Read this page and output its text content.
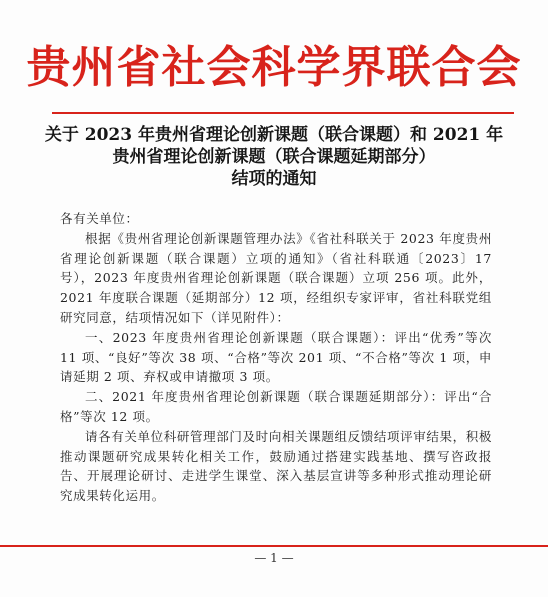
贵州省社会科学界联合会
关于 2023 年贵州省理论创新课题（联合课题）和 2021 年
贵州省理论创新课题（联合课题延期部分）
结项的通知

各有关单位：

根据《贵州省理论创新课题管理办法》《省社科联关于 2023 年度贵州省理论创新课题（联合课题）立项的通知》（省社科联通〔2023〕17 号），2023 年度贵州省理论创新课题（联合课题）立项 256 项。此外，2021 年度联合课题（延期部分）12 项，经组织专家评审，省社科联党组研究同意，结项情况如下（详见附件）：

一、2023 年度贵州省理论创新课题（联合课题）：评出“优秀”等次 11 项、“良好”等次 38 项、“合格”等次 201 项、“不合格”等次 1 项，申请延期 2 项、弃权或申请撤项 3 项。

二、2021 年度贵州省理论创新课题（联合课题延期部分）：评出“合格”等次 12 项。

请各有关单位科研管理部门及时向相关课题组反馈结项评审结果，积极推动课题研究成果转化相关工作，鼓励通过搭建实践基地、撰写咨政报告、开展理论研讨、走进学生课堂、深入基层宣讲等多种形式推动理论研究成果转化运用。

— 1 —
